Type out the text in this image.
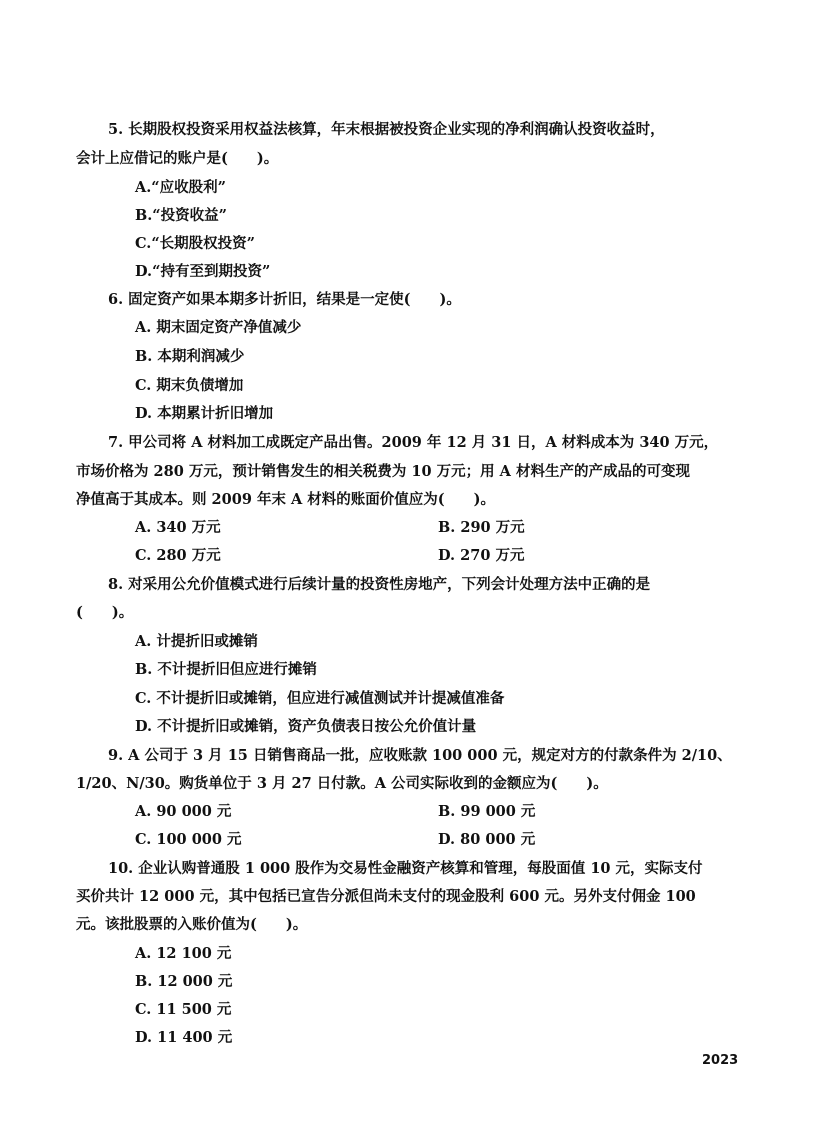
5. 长期股权投资采用权益法核算，年末根据被投资企业实现的净利润确认投资收益时，
会计上应借记的账户是(　　)。
A.“应收股利”
B.“投资收益”
C.“长期股权投资”
D.“持有至到期投资”
6. 固定资产如果本期多计折旧，结果是一定使(　　)。
A. 期末固定资产净值减少
B. 本期利润减少
C. 期末负债增加
D. 本期累计折旧增加
7. 甲公司将 A 材料加工成既定产品出售。2009 年 12 月 31 日，A 材料成本为 340 万元，
市场价格为 280 万元，预计销售发生的相关税费为 10 万元；用 A 材料生产的产成品的可变现
净值高于其成本。则 2009 年末 A 材料的账面价值应为(　　)。
A. 340 万元	B. 290 万元
C. 280 万元	D. 270 万元
8. 对采用公允价值模式进行后续计量的投资性房地产，下列会计处理方法中正确的是
(　　)。
A. 计提折旧或摊销
B. 不计提折旧但应进行摊销
C. 不计提折旧或摊销，但应进行减值测试并计提减值准备
D. 不计提折旧或摊销，资产负债表日按公允价值计量
9. A 公司于 3 月 15 日销售商品一批，应收账款 100 000 元，规定对方的付款条件为 2/10、
1/20、N/30。购货单位于 3 月 27 日付款。A 公司实际收到的金额应为(　　)。
A. 90 000 元	B. 99 000 元
C. 100 000 元	D. 80 000 元
10. 企业认购普通股 1 000 股作为交易性金融资产核算和管理，每股面值 10 元，实际支付
买价共计 12 000 元，其中包括已宣告分派但尚未支付的现金股利 600 元。另外支付佣金 100
元。该批股票的入账价值为(　　)。
A. 12 100 元
B. 12 000 元
C. 11 500 元
D. 11 400 元
2023
